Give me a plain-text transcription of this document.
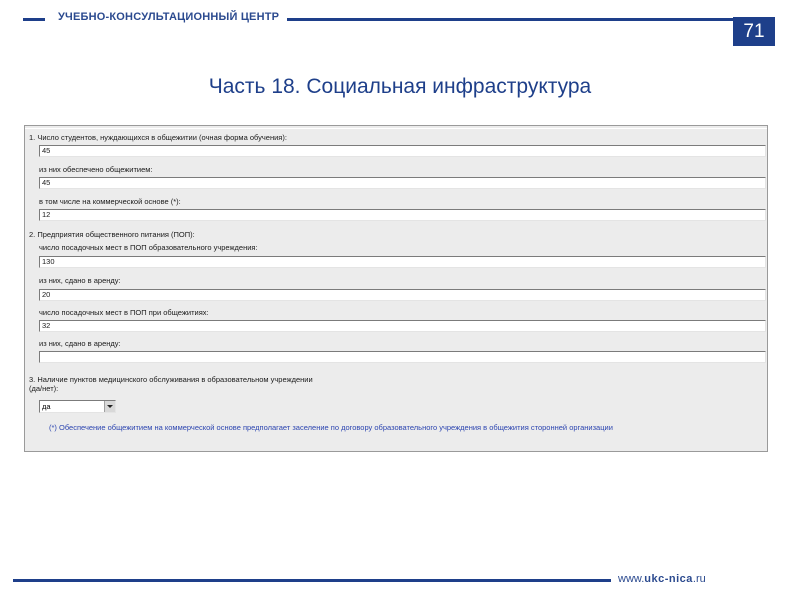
УЧЕБНО-КОНСУЛЬТАЦИОННЫЙ ЦЕНТР
71
Часть 18. Социальная инфраструктура
1. Число студентов, нуждающихся в общежитии (очная форма обучения):
45
из них обеспечено общежитием:
45
в том числе на коммерческой основе (*):
12
2. Предприятия общественного питания (ПОП):
число посадочных мест в ПОП образовательного учреждения:
130
из них, сдано в аренду:
20
число посадочных мест в ПОП при общежитиях:
32
из них, сдано в аренду:
3. Наличие пунктов медицинского обслуживания в образовательном учреждении
(да/нет):
да
(*) Обеспечение общежитием на коммерческой основе предполагает заселение по договору образовательного учреждения в общежития сторонней организации
www.ukc-nica.ru
